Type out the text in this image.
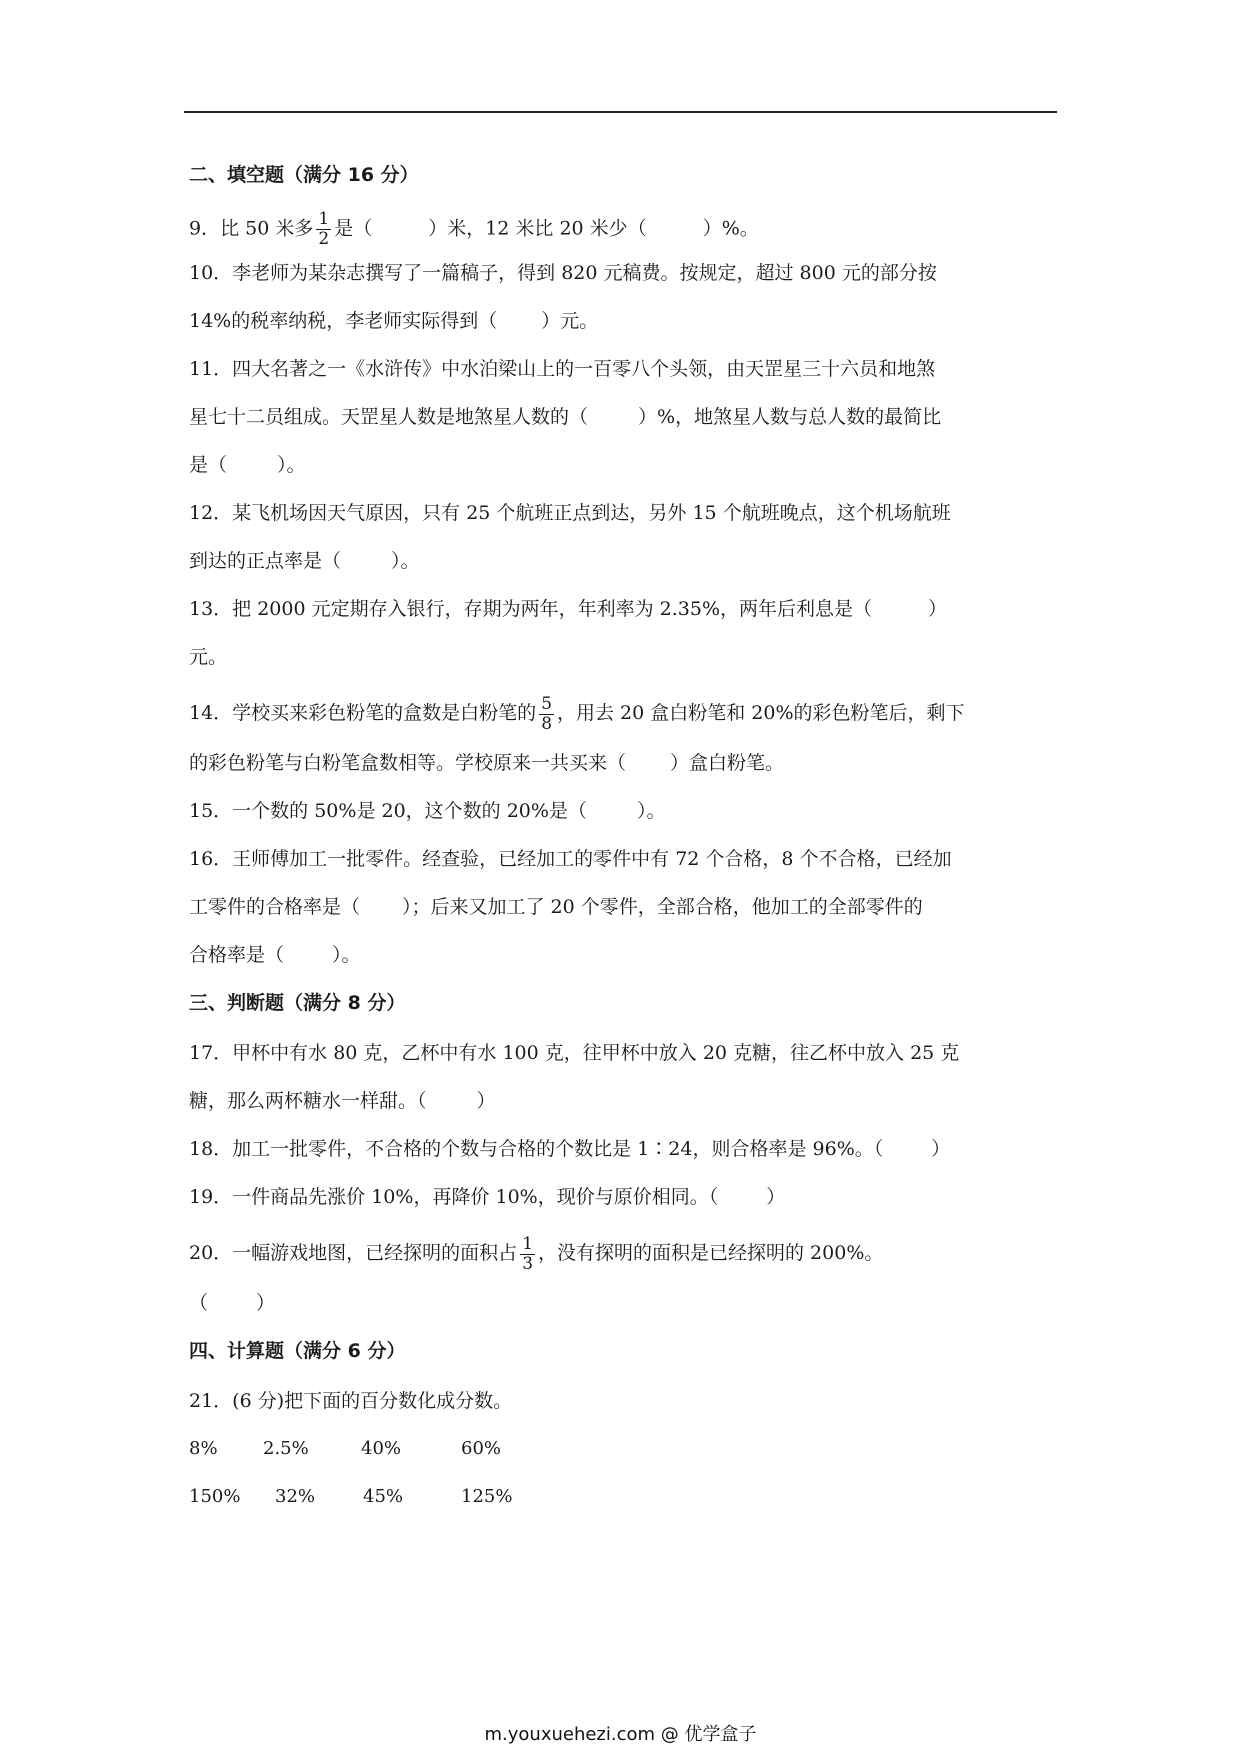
二、填空题（满分 16 分）
9．比 50 米多 $\frac{1}{2}$ 是（	）米，12 米比 20 米少（	）%。
10．李老师为某杂志撰写了一篇稿子，得到 820 元稿费。按规定，超过 800 元的部分按
14%的税率纳税，李老师实际得到（ ）元。
11．四大名著之一《水浒传》中水泊梁山上的一百零八个头领，由天罡星三十六员和地煞
星七十二员组成。天罡星人数是地煞星人数的（	）%，地煞星人数与总人数的最简比
是（	）。
12．某飞机场因天气原因，只有 25 个航班正点到达，另外 15 个航班晚点，这个机场航班
到达的正点率是（	）。
13．把 2000 元定期存入银行，存期为两年，年利率为 2.35%，两年后利息是（	）
元。
14．学校买来彩色粉笔的盒数是白粉笔的 $\frac{5}{8}$ ，用去 20 盒白粉笔和 20%的彩色粉笔后，剩下
的彩色粉笔与白粉笔盒数相等。学校原来一共买来（ ）盒白粉笔。
15．一个数的 50%是 20，这个数的 20%是（	）。
16．王师傅加工一批零件。经查验，已经加工的零件中有 72 个合格，8 个不合格，已经加
工零件的合格率是（ ）；后来又加工了 20 个零件，全部合格，他加工的全部零件的
合格率是（	）。
三、判断题（满分 8 分）
17．甲杯中有水 80 克，乙杯中有水 100 克，往甲杯中放入 20 克糖，往乙杯中放入 25 克
糖，那么两杯糖水一样甜。（	）
18．加工一批零件，不合格的个数与合格的个数比是 1∶24，则合格率是 96%。（	）
19．一件商品先涨价 10%，再降价 10%，现价与原价相同。（	）
20．一幅游戏地图，已经探明的面积占 $\frac{1}{3}$ ，没有探明的面积是已经探明的 200%。
（	）
四、计算题（满分 6 分）
21．(6 分)把下面的百分数化成分数。
8%	2.5%	40%	60%
150%	32%	45%	125%
m.youxuehezi.com @ 优学盒子
